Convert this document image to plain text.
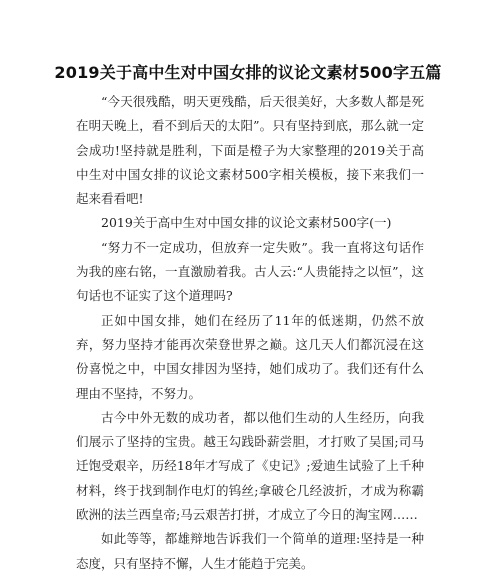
2019关于高中生对中国女排的议论文素材500字五篇

“今天很残酷，明天更残酷，后天很美好，大多数人都是死在明天晚上，看不到后天的太阳”。只有坚持到底，那么就一定会成功!坚持就是胜利，下面是橙子为大家整理的2019关于高中生对中国女排的议论文素材500字相关模板，接下来我们一起来看看吧!

2019关于高中生对中国女排的议论文素材500字(一)

“努力不一定成功，但放弃一定失败”。我一直将这句话作为我的座右铭，一直激励着我。古人云:“人贵能持之以恒”，这句话也不证实了这个道理吗?

正如中国女排，她们在经历了11年的低迷期，仍然不放弃，努力坚持才能再次荣登世界之巅。这几天人们都沉浸在这份喜悦之中，中国女排因为坚持，她们成功了。我们还有什么理由不坚持，不努力。

古今中外无数的成功者，都以他们生动的人生经历，向我们展示了坚持的宝贵。越王勾践卧薪尝胆，才打败了吴国;司马迁饱受艰辛，历经18年才写成了《史记》;爱迪生试验了上千种材料，终于找到制作电灯的钨丝;拿破仑几经波折，才成为称霸欧洲的法兰西皇帝;马云艰苦打拼，才成立了今日的淘宝网……

如此等等，都雄辩地告诉我们一个简单的道理:坚持是一种态度，只有坚持不懈，人生才能趋于完美。
